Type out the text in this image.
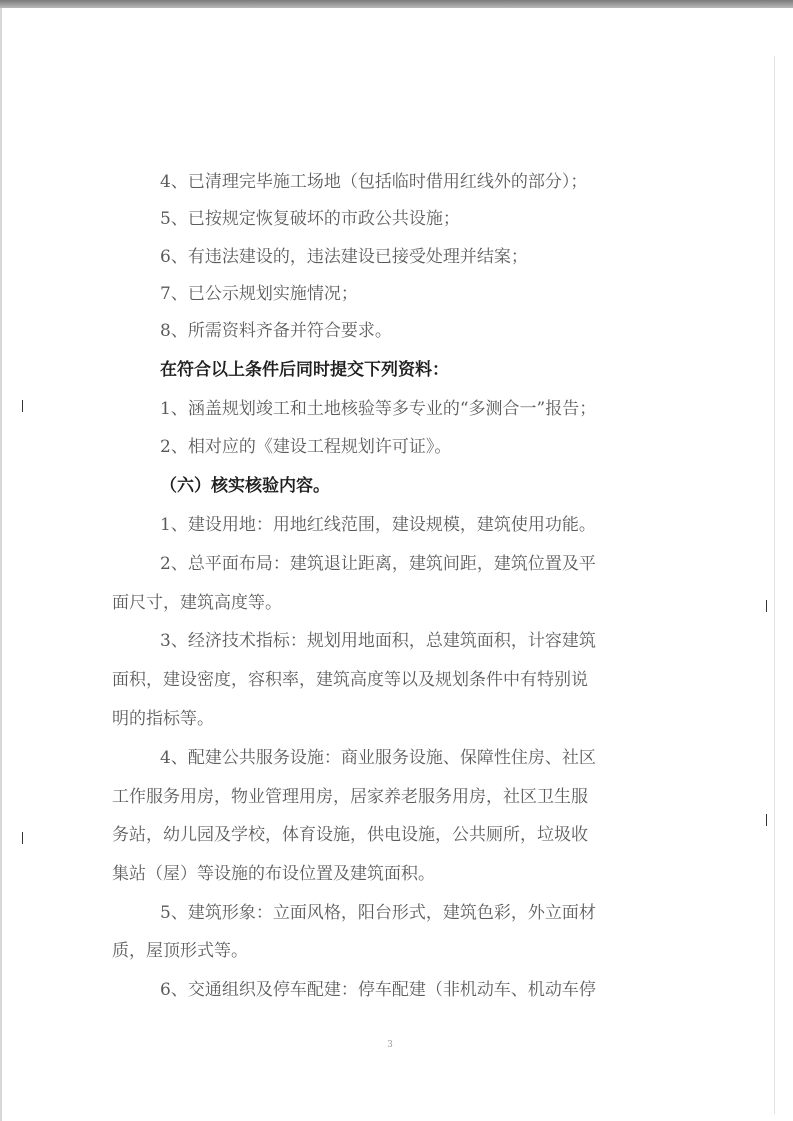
4、已清理完毕施工场地（包括临时借用红线外的部分）；
5、已按规定恢复破坏的市政公共设施；
6、有违法建设的，违法建设已接受处理并结案；
7、已公示规划实施情况；
8、所需资料齐备并符合要求。
在符合以上条件后同时提交下列资料：
1、涵盖规划竣工和土地核验等多专业的“多测合一”报告；
2、相对应的《建设工程规划许可证》。
（六）核实核验内容。
1、建设用地：用地红线范围，建设规模，建筑使用功能。
2、总平面布局：建筑退让距离，建筑间距，建筑位置及平
面尺寸，建筑高度等。
3、经济技术指标：规划用地面积，总建筑面积，计容建筑
面积，建设密度，容积率，建筑高度等以及规划条件中有特别说
明的指标等。
4、配建公共服务设施：商业服务设施、保障性住房、社区
工作服务用房，物业管理用房，居家养老服务用房，社区卫生服
务站，幼儿园及学校，体育设施，供电设施，公共厕所，垃圾收
集站（屋）等设施的布设位置及建筑面积。
5、建筑形象：立面风格，阳台形式，建筑色彩，外立面材
质，屋顶形式等。
6、交通组织及停车配建：停车配建（非机动车、机动车停
3
